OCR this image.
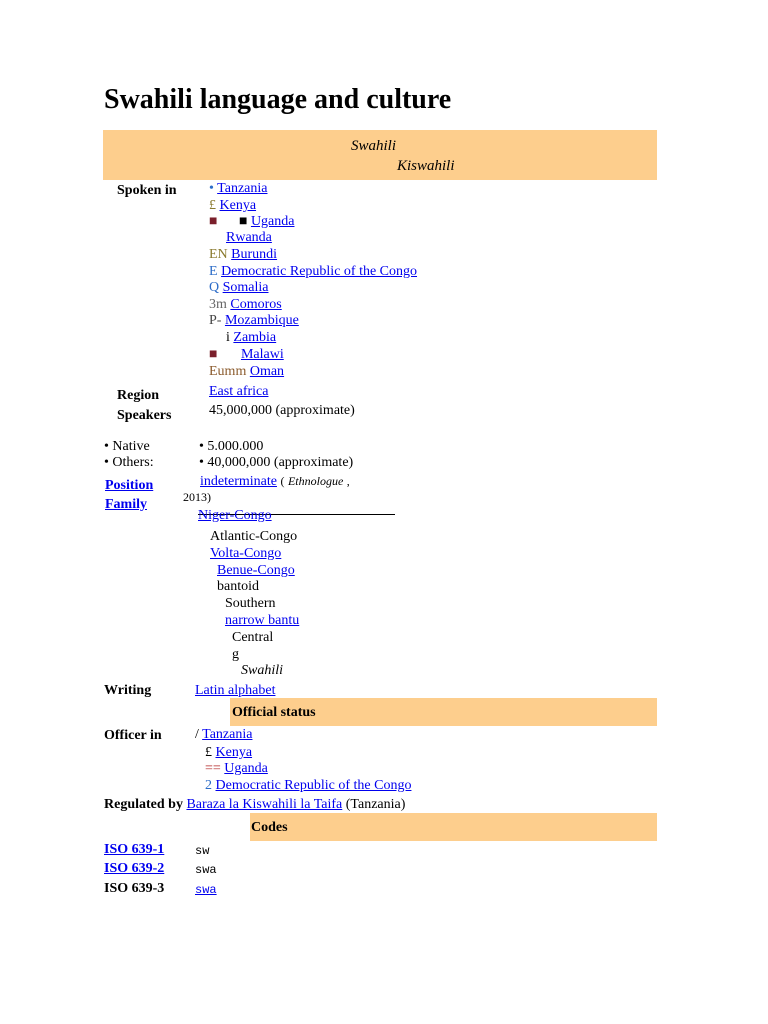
Swahili language and culture
Swahili
Kiswahili
Spoken in • Tanzania
£ Kenya
■ ■ Uganda
Rwanda
EN Burundi
E Democratic Republic of the Congo
Q Somalia
3m Comoros
P- Mozambique
i Zambia
■ Malawi
Eumm Oman
Region	East africa
Speakers	45,000,000 (approximate)
• Native	• 5.000.000
• Others:	• 40,000,000 (approximate)
Position	indeterminate ( Ethnologue ,
2013)
Family
Niger-Congo
Atlantic-Congo
Volta-Congo
Benue-Congo
bantoid
Southern
narrow bantu
Central
g
Swahili
Writing	Latin alphabet
Official status
Officer in / Tanzania
£ Kenya
== Uganda
2 Democratic Republic of the Congo
Regulated by Baraza la Kiswahili la Taifa (Tanzania)
Codes
ISO 639-1	sw
ISO 639-2	swa
ISO 639-3	swa
